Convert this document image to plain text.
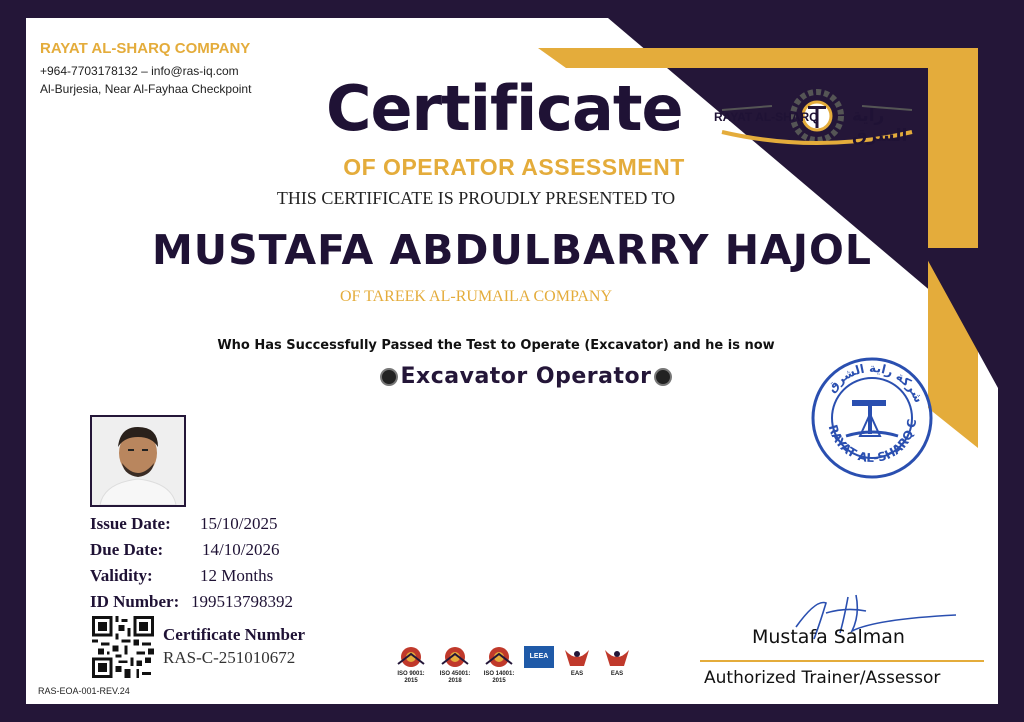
RAYAT AL-SHARQ COMPANY
+964-7703178132 – info@ras-iq.com
Al-Burjesia, Near Al-Fayhaa Checkpoint
RAYAT AL-SHARQ راية الشرق
Certificate
OF OPERATOR ASSESSMENT
THIS CERTIFICATE IS PROUDLY PRESENTED TO
MUSTAFA ABDULBARRY HAJOL
OF TAREEK AL-RUMAILA COMPANY
Who Has Successfully Passed the Test to Operate (Excavator) and he is now
Excavator Operator
Issue Date: 15/10/2025
Due Date: 14/10/2026
Validity:	12 Months
ID Number: 199513798392
Certificate Number
RAS-C-251010672
RAS-EOA-001-REV.24
RAYAT AL-SHARQ C
شركة راية الشرق
ISO 9001:
2015
ISO 45001:
2018
ISO 14001:
2015
LEEA
EAS	EAS
Mustafa Salman
Authorized Trainer/Assessor
